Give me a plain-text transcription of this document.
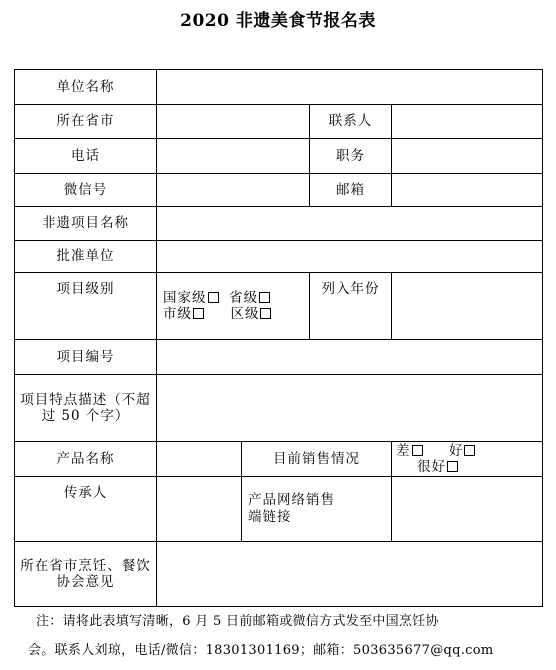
2020 非遗美食节报名表
单位名称				
所在省市			联系人	
电话			职务	
微信号			邮箱	
非遗项目名称				
批准单位				
项目级别	国家级 省级
市级 区级		列入年份	
项目编号				

项目特点描述（不超
过 50 个字）				

产品名称		目前销售情况		差 好     很好
传承人		产品网络销售
端链接		

所在省市烹饪、餐饮
协会意见				

注：请将此表填写清晰，6 月 5 日前邮箱或微信方式发至中国烹饪协
会。联系人刘琼，电话/微信：18301301169；邮箱：503635677@qq.com
